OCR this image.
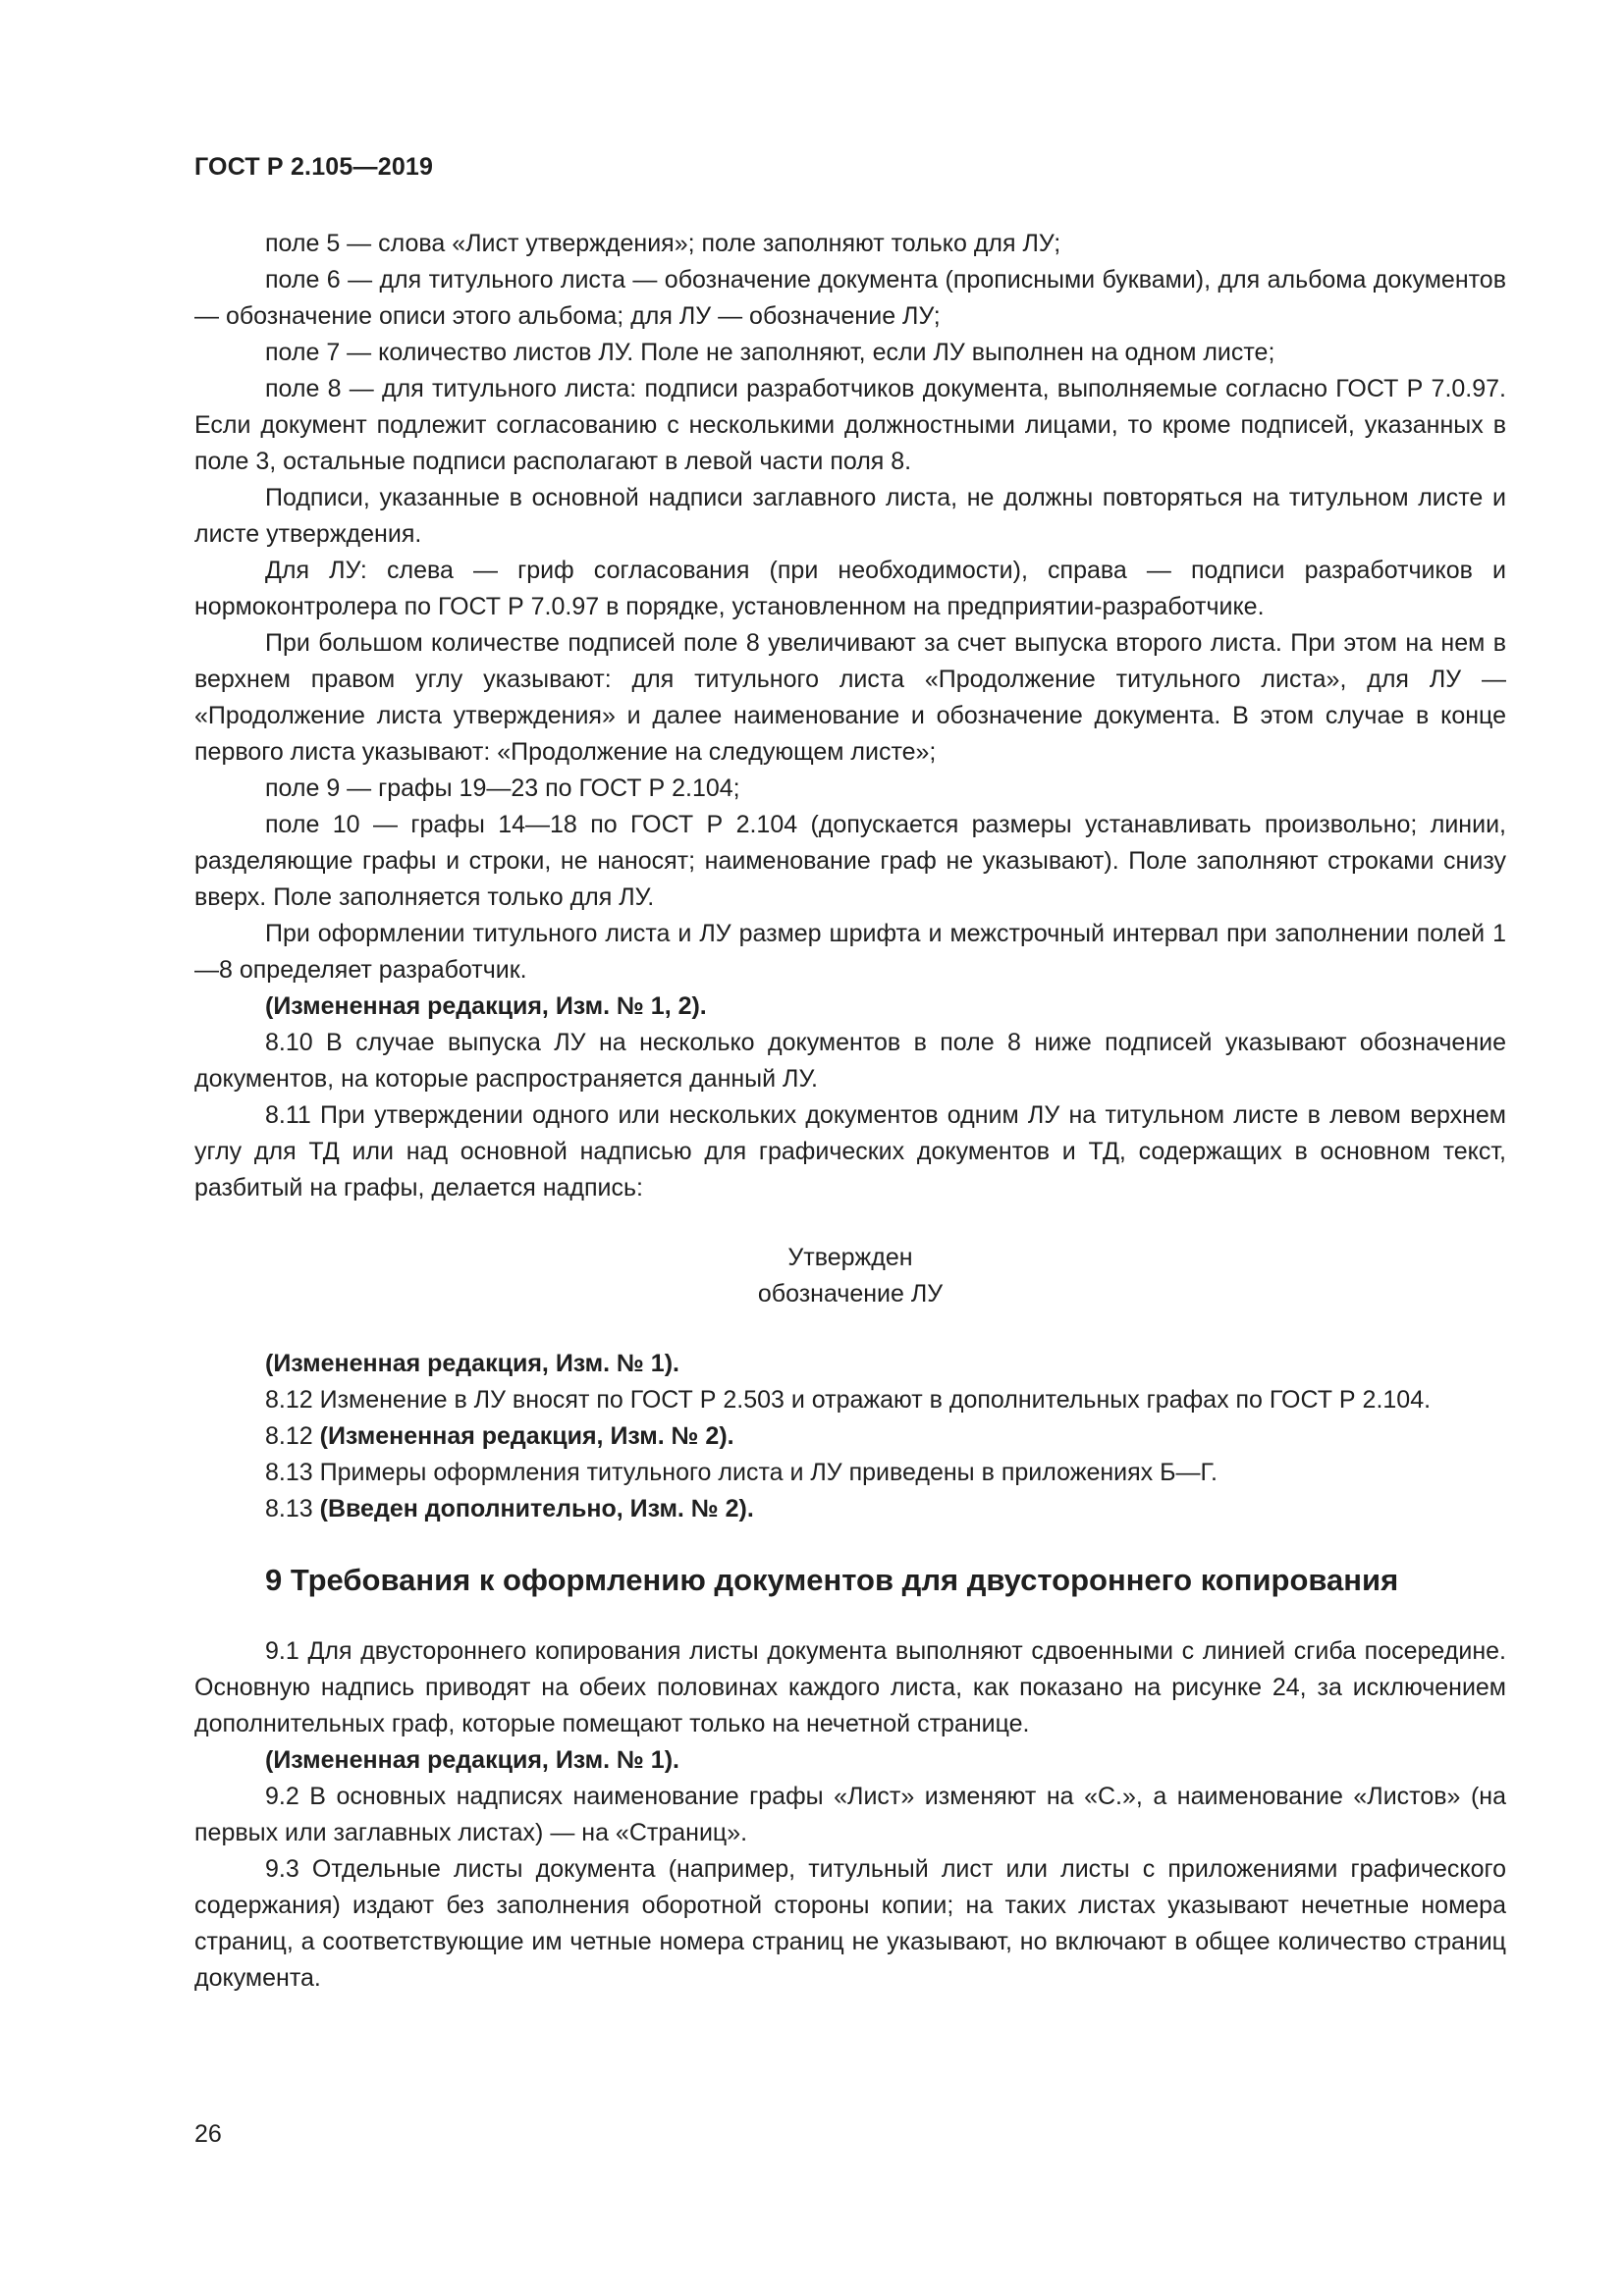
ГОСТ Р 2.105—2019

поле 5 — слова «Лист утверждения»; поле заполняют только для ЛУ;

поле 6 — для титульного листа — обозначение документа (прописными буквами), для альбома документов — обозначение описи этого альбома; для ЛУ — обозначение ЛУ;

поле 7 — количество листов ЛУ. Поле не заполняют, если ЛУ выполнен на одном листе;

поле 8 — для титульного листа: подписи разработчиков документа, выполняемые согласно ГОСТ Р 7.0.97. Если документ подлежит согласованию с несколькими должностными лицами, то кроме подписей, указанных в поле 3, остальные подписи располагают в левой части поля 8.

Подписи, указанные в основной надписи заглавного листа, не должны повторяться на титульном листе и листе утверждения.

Для ЛУ: слева — гриф согласования (при необходимости), справа — подписи разработчиков и нормоконтролера по ГОСТ Р 7.0.97 в порядке, установленном на предприятии-разработчике.

При большом количестве подписей поле 8 увеличивают за счет выпуска второго листа. При этом на нем в верхнем правом углу указывают: для титульного листа «Продолжение титульного листа», для ЛУ — «Продолжение листа утверждения» и далее наименование и обозначение документа. В этом случае в конце первого листа указывают: «Продолжение на следующем листе»;

поле 9 — графы 19—23 по ГОСТ Р 2.104;

поле 10 — графы 14—18 по ГОСТ Р 2.104 (допускается размеры устанавливать произвольно; линии, разделяющие графы и строки, не наносят; наименование граф не указывают). Поле заполняют строками снизу вверх. Поле заполняется только для ЛУ.

При оформлении титульного листа и ЛУ размер шрифта и межстрочный интервал при заполнении полей 1—8 определяет разработчик.

(Измененная редакция, Изм. № 1, 2).

8.10 В случае выпуска ЛУ на несколько документов в поле 8 ниже подписей указывают обозначение документов, на которые распространяется данный ЛУ.

8.11 При утверждении одного или нескольких документов одним ЛУ на титульном листе в левом верхнем углу для ТД или над основной надписью для графических документов и ТД, содержащих в основном текст, разбитый на графы, делается надпись:

Утвержден
обозначение ЛУ

(Измененная редакция, Изм. № 1).

8.12 Изменение в ЛУ вносят по ГОСТ Р 2.503 и отражают в дополнительных графах по ГОСТ Р 2.104.

8.12 (Измененная редакция, Изм. № 2).

8.13 Примеры оформления титульного листа и ЛУ приведены в приложениях Б—Г.

8.13 (Введен дополнительно, Изм. № 2).

9 Требования к оформлению документов для двустороннего копирования

9.1 Для двустороннего копирования листы документа выполняют сдвоенными с линией сгиба посередине. Основную надпись приводят на обеих половинах каждого листа, как показано на рисунке 24, за исключением дополнительных граф, которые помещают только на нечетной странице.

(Измененная редакция, Изм. № 1).

9.2 В основных надписях наименование графы «Лист» изменяют на «С.», а наименование «Листов» (на первых или заглавных листах) — на «Страниц».

9.3 Отдельные листы документа (например, титульный лист или листы с приложениями графического содержания) издают без заполнения оборотной стороны копии; на таких листах указывают нечетные номера страниц, а соответствующие им четные номера страниц не указывают, но включают в общее количество страниц документа.

26
